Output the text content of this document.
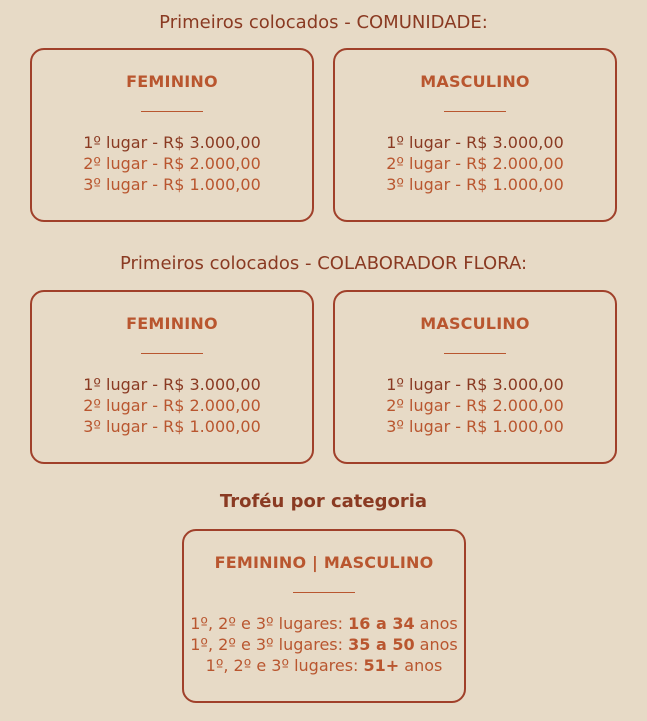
Primeiros colocados - COMUNIDADE:
FEMININO
1º lugar - R$ 3.000,00
2º lugar - R$ 2.000,00
3º lugar - R$ 1.000,00
MASCULINO
1º lugar - R$ 3.000,00
2º lugar - R$ 2.000,00
3º lugar - R$ 1.000,00
Primeiros colocados - COLABORADOR FLORA:
FEMININO
1º lugar - R$ 3.000,00
2º lugar - R$ 2.000,00
3º lugar - R$ 1.000,00
MASCULINO
1º lugar - R$ 3.000,00
2º lugar - R$ 2.000,00
3º lugar - R$ 1.000,00
Troféu por categoria
FEMININO | MASCULINO
1º, 2º e 3º lugares: 16 a 34 anos
1º, 2º e 3º lugares: 35 a 50 anos
1º, 2º e 3º lugares: 51+ anos
